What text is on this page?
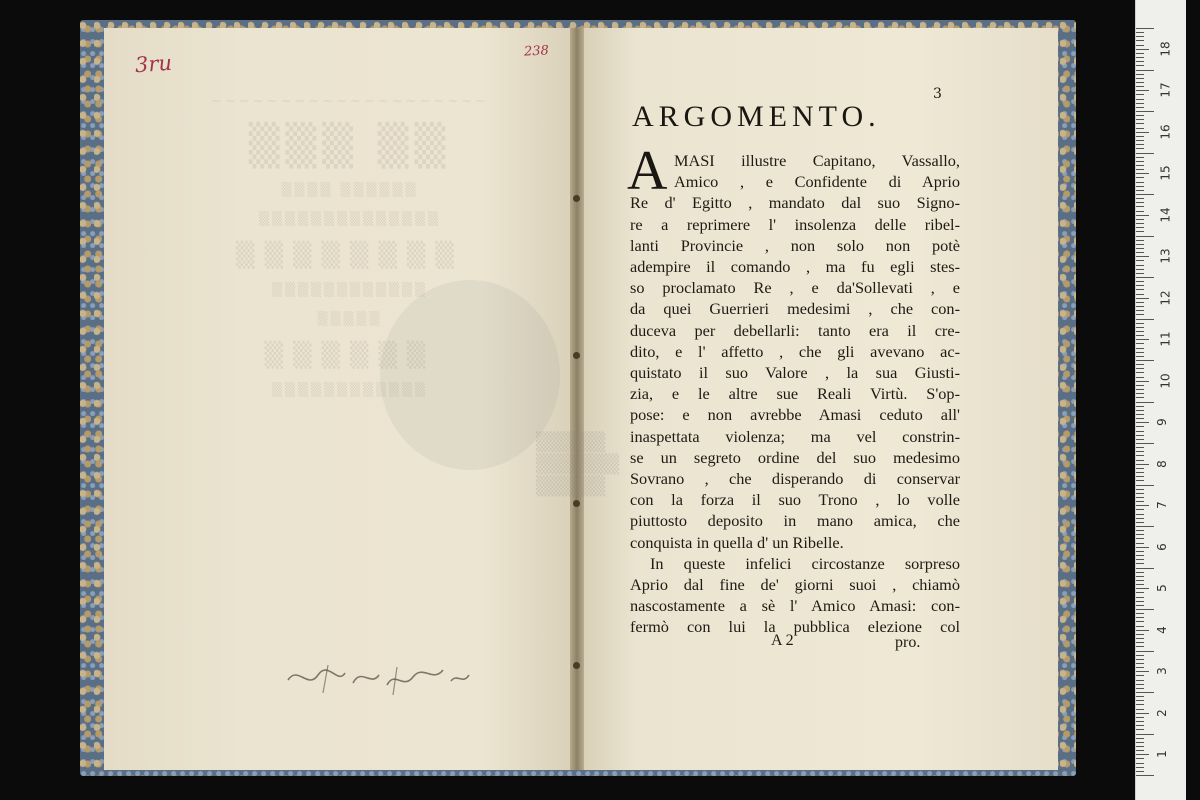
~~~~~~~~~~~~~~~~~~~~
▒▒▒ ▒▒
▒▒▒▒ ▒▒▒▒▒▒
▒▒▒▒▒▒▒▒▒▒▒▒▒▒
▒▒▒▒▒▒▒▒
▒▒▒▒▒▒▒▒▒▒▒▒
▒▒▒▒▒
▒▒▒▒▒▒
▒▒▒▒▒▒▒▒▒▒▒▒
▒▒▒▒▒
▒▒▒▒▒▒
▒▒▒▒▒
3ru	238
3
ARGOMENTO.
A MASI illustre Capitano, Vassallo,
Amico , e Confidente di Aprio
Re d' Egitto , mandato dal suo Signo-
re a reprimere l' insolenza delle ribel-
lanti Provincie , non solo non potè
adempire il comando , ma fu egli stes-
so proclamato Re , e da'Sollevati , e
da quei Guerrieri medesimi , che con-
duceva per debellarli: tanto era il cre-
dito, e l' affetto , che gli avevano ac-
quistato il suo Valore , la sua Giusti-
zia, e le altre sue Reali Virtù. S'op-
pose: e non avrebbe Amasi ceduto all'
inaspettata violenza; ma vel constrin-
se un segreto ordine del suo medesimo
Sovrano , che disperando di conservar
con la forza il suo Trono , lo volle
piuttosto deposito in mano amica, che
conquista in quella d' un Ribelle.
In queste infelici circostanze sorpreso
Aprio dal fine de' giorni suoi , chiamò
nascostamente a sè l' Amico Amasi: con-
fermò con lui la pubblica elezione col
A 2	pro.
18
17
16
15
14
13
12
11
10
9
8
7
6
5
4
3
2
1
